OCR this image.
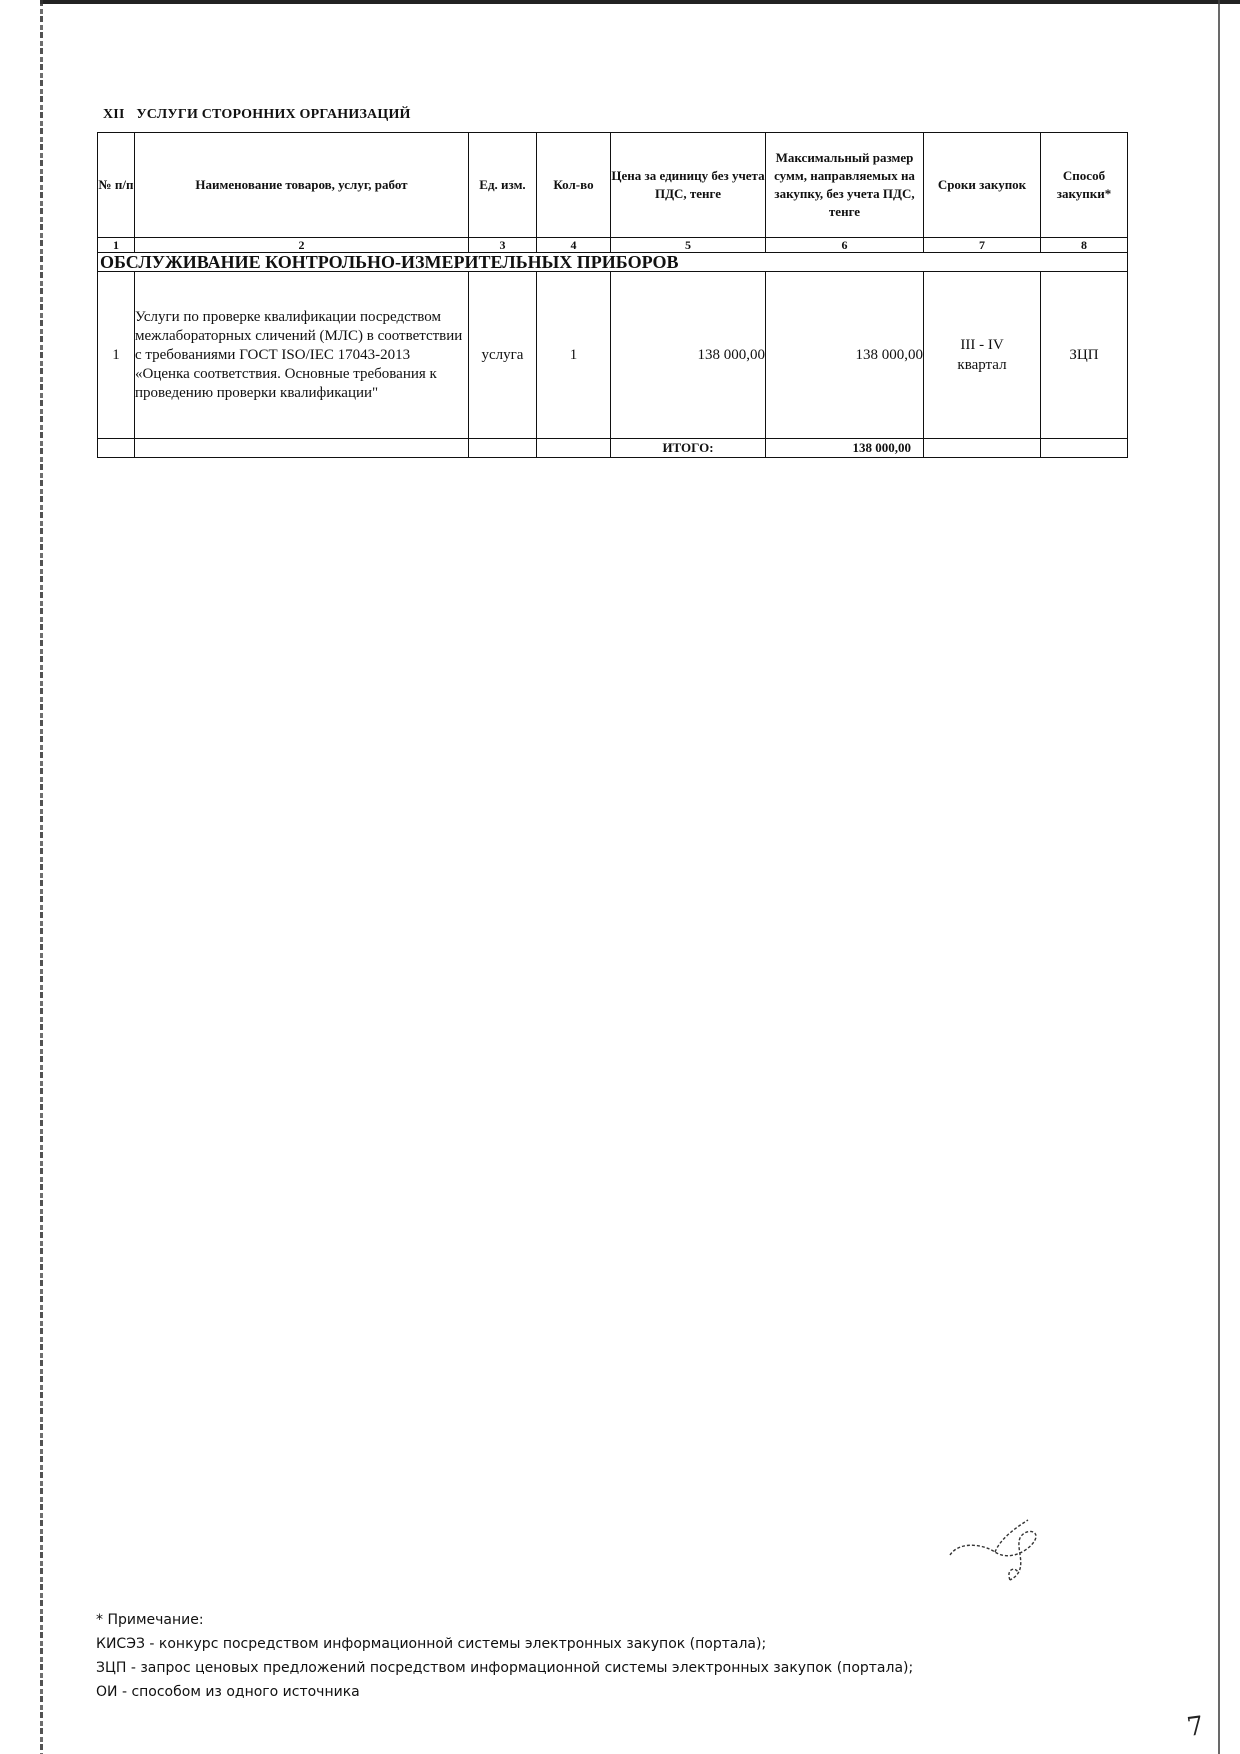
XII УСЛУГИ СТОРОННИХ ОРГАНИЗАЦИЙ
№ п/п	Наименование товаров, услуг, работ	Ед. изм.	Кол-во	Цена за единицу без учета ПДС, тенге	Максимальный размер сумм, направляемых на закупку, без учета ПДС, тенге	Сроки закупок	Способ закупки*
1	2	3	4	5	6	7	8
ОБСЛУЖИВАНИЕ КОНТРОЛЬНО-ИЗМЕРИТЕЛЬНЫХ ПРИБОРОВ							
1	Услуги по проверке квалификации посредством межлабораторных сличений (МЛС) в соответствии с требованиями ГОСТ ISO/IEC 17043-2013 «Оценка соответствия. Основные требования к проведению проверки квалификации"	услуга	1	138 000,00	138 000,00	III - IV квартал	ЗЦП
				ИТОГО:	138 000,00		
* Примечание:
КИСЭЗ - конкурс посредством информационной системы электронных закупок (портала);
ЗЦП - запрос ценовых предложений посредством информационной системы электронных закупок (портала);
ОИ - способом из одного источника
7
